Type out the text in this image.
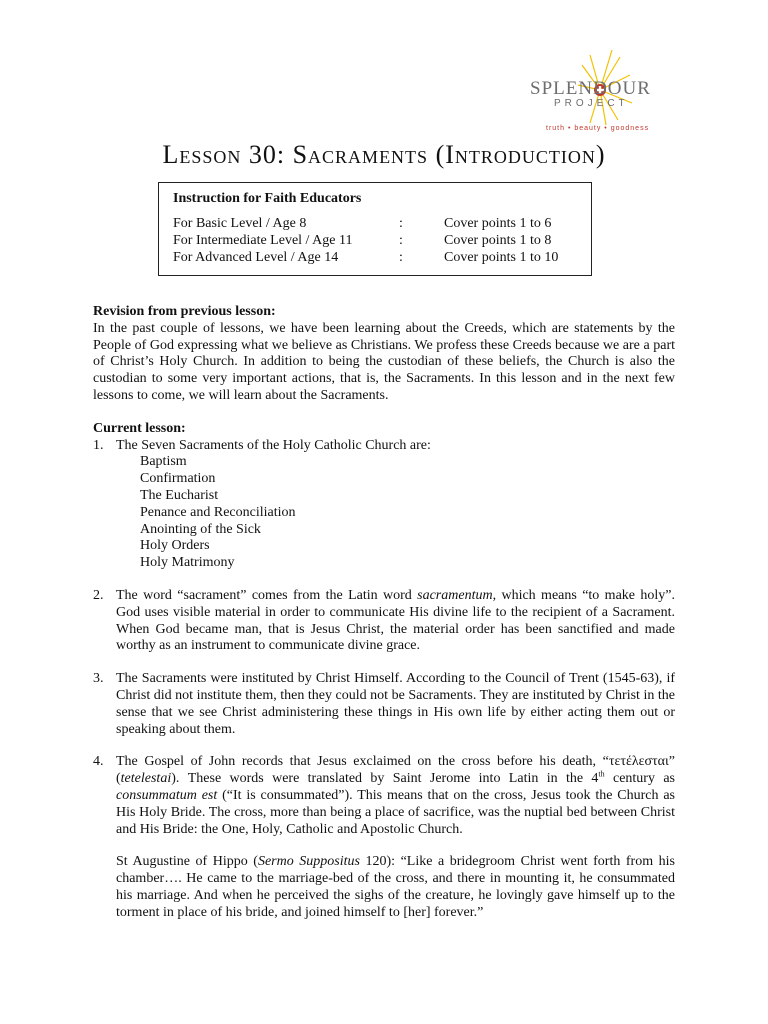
SPLENDOUR
PROJECT
truth • beauty • goodness
Lesson 30: Sacraments (Introduction)
Instruction for Faith Educators
For Basic Level / Age 8	:	Cover points 1 to 6
For Intermediate Level / Age 11	:	Cover points 1 to 8
For Advanced Level / Age 14	:	Cover points 1 to 10

Revision from previous lesson:

In the past couple of lessons, we have been learning about the Creeds, which are statements by the People of God expressing what we believe as Christians. We profess these Creeds because we are a part of Christ’s Holy Church. In addition to being the custodian of these beliefs, the Church is also the custodian to some very important actions, that is, the Sacraments. In this lesson and in the next few lessons to come, we will learn about the Sacraments.

Current lesson:

1. The Seven Sacraments of the Holy Catholic Church are:

Baptism
Confirmation
The Eucharist
Penance and Reconciliation
Anointing of the Sick
Holy Orders
Holy Matrimony
2. The word “sacrament” comes from the Latin word sacramentum, which means “to make holy”. God uses visible material in order to communicate His divine life to the recipient of a Sacrament. When God became man, that is Jesus Christ, the material order has been sanctified and made worthy as an instrument to communicate divine grace.

3. The Sacraments were instituted by Christ Himself. According to the Council of Trent (1545-63), if Christ did not institute them, then they could not be Sacraments. They are instituted by Christ in the sense that we see Christ administering these things in His own life by either acting them out or speaking about them.

4. The Gospel of John records that Jesus exclaimed on the cross before his death, “τετέλεσται” (tetelestai). These words were translated by Saint Jerome into Latin in the 4th century as consummatum est (“It is consummated”). This means that on the cross, Jesus took the Church as His Holy Bride. The cross, more than being a place of sacrifice, was the nuptial bed between Christ and His Bride: the One, Holy, Catholic and Apostolic Church.

St Augustine of Hippo (Sermo Suppositus 120): “Like a bridegroom Christ went forth from his chamber…. He came to the marriage-bed of the cross, and there in mounting it, he consummated his marriage. And when he perceived the sighs of the creature, he lovingly gave himself up to the torment in place of his bride, and joined himself to [her] forever.”
